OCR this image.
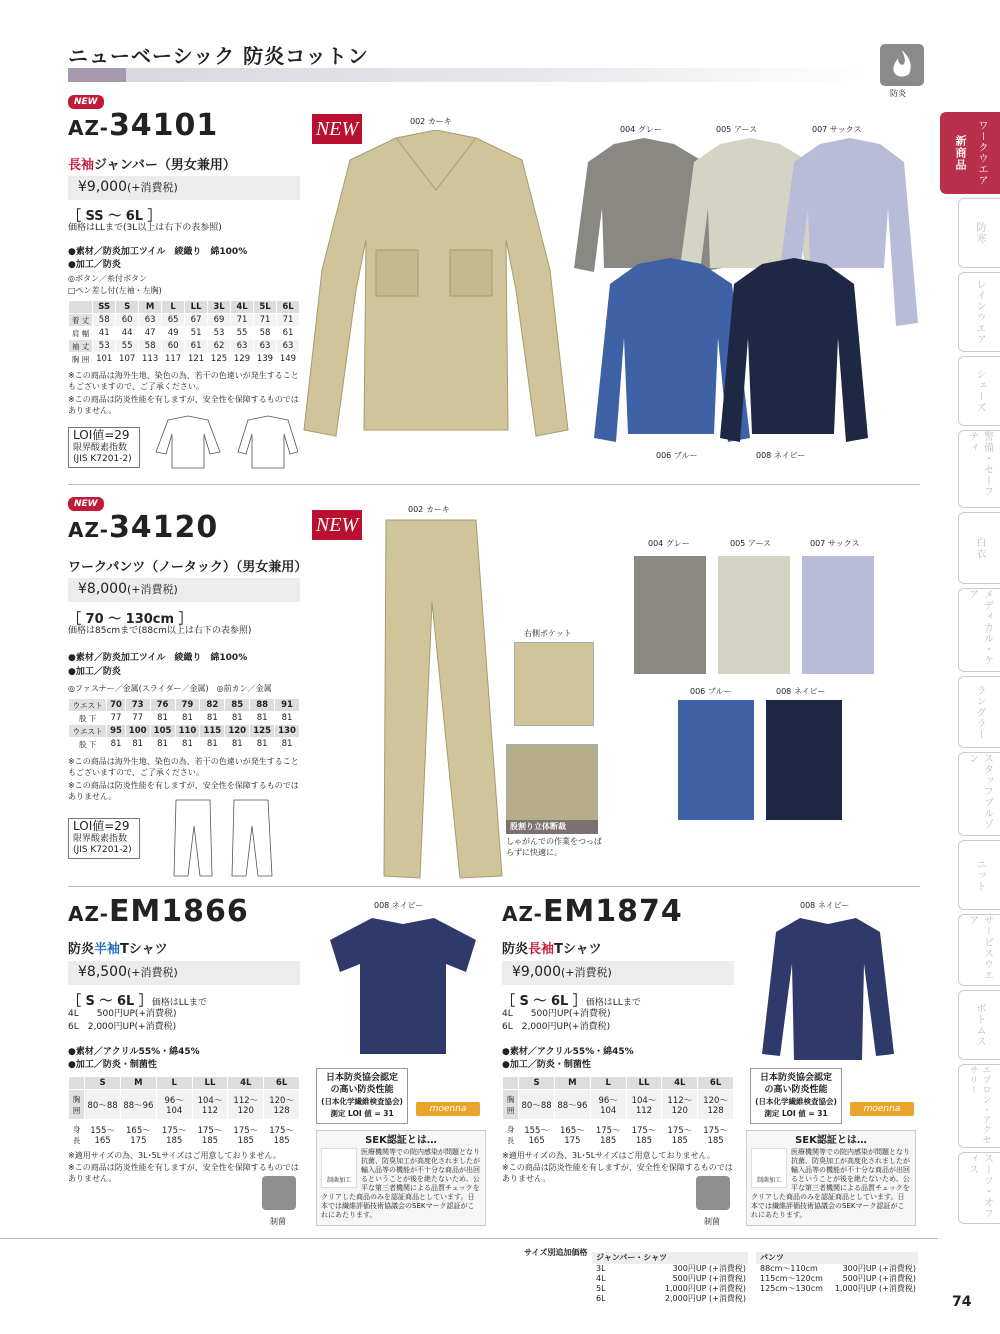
ニューベーシック 防炎コットン
防炎
新商品 ワークウエア
防寒
レインウエア
シューズ
警備・セーフティ
白衣
メディカル・ケア
ラングラー
スタッフブルゾン
ニット
サービスウエア
ボトムス
エプロン・アクセサリー
スーツ・オフィス
NEW
AZ-34101
長袖ジャンバー（男女兼用）
¥9,000(+消費税)
［ SS ～ 6L ］
価格はLLまで(3L以上は右下の表参照)
●素材／防炎加工ツイル　綾織り　綿100%
●加工／防炎
◎ボタン／糸付ボタン
□ペン差し付(左袖・左胸)
	SS	S	M	L	LL	3L	4L	5L	6L
着 丈	58	60	63	65	67	69	71	71	71
肩 幅	41	44	47	49	51	53	55	58	61
袖 丈	53	55	58	60	61	62	63	63	63
胸 囲	101	107	113	117	121	125	129	139	149
※この商品は海外生地、染色の為、若干の色違いが発生することもございますので、ご了承ください。
※この商品は防炎性能を有しますが、安全性を保障するものではありません。
LOI値=29
限界酸素指数
(JIS K7201-2)
NEW	002 カーキ
004 グレー	005 アース	007 サックス
006 ブルー	008 ネイビー
NEW
AZ-34120
ワークパンツ（ノータック）（男女兼用）
¥8,000(+消費税)
［ 70 ～ 130cm ］
価格は85cmまで(88cm以上は右下の表参照)
●素材／防炎加工ツイル　綾織り　綿100%
●加工／防炎
◎ファスナー／金属(スライダー／金属)　◎前カン／金属
ウエスト	70	73	76	79	82	85	88	91
股 下	77	77	81	81	81	81	81	81
ウエスト	95	100	105	110	115	120	125	130
股 下	81	81	81	81	81	81	81	81
※この商品は海外生地、染色の為、若干の色違いが発生することもございますので、ご了承ください。
※この商品は防炎性能を有しますが、安全性を保障するものではありません。
LOI値=29
限界酸素指数
(JIS K7201-2)
NEW
002 カーキ
右側ポケット
股割り立体断裁
しゃがんでの作業をつっぱらずに快適に。
004 グレー	005 アース	007 サックス
006 ブルー	008 ネイビー
AZ-EM1866
防炎半袖Tシャツ
¥8,500(+消費税)
［ S ～ 6L ］価格はLLまで
4L　　500円UP(+消費税)
6L　2,000円UP(+消費税)
●素材／アクリル55%・綿45%
●加工／防炎・制菌性
	S	M	L	LL	4L	6L
胸 囲	80〜88	88〜96	96〜104	104〜112	112〜120	120〜128
身 長	155〜165	165〜175	175〜185	175〜185	175〜185	175〜185
※適用サイズの為、3L･5Lサイズはご用意しておりません。
※この商品は防炎性能を有しますが、安全性を保障するものではありません。
制菌
008 ネイビー
日本防炎協会認定
の高い防炎性能
(日本化学繊維検査協会)
測定 LOI 値 = 31	moenna
SEK認証とは…
制菌加工
医療機関等での院内感染が問題となり抗菌、防臭加工が高度化されましたが輸入品等の機能が不十分な商品が出回るということが後を絶たないため、公平な第三者機関による品質チェックをクリアした商品のみを認証商品としています。日本では繊維評価技術協議会のSEKマーク認証がこれにあたります。
AZ-EM1874
防炎長袖Tシャツ
¥9,000(+消費税)
［ S ～ 6L ］価格はLLまで
4L　　500円UP(+消費税)
6L　2,000円UP(+消費税)
●素材／アクリル55%・綿45%
●加工／防炎・制菌性
	S	M	L	LL	4L	6L
胸 囲	80〜88	88〜96	96〜104	104〜112	112〜120	120〜128
身 長	155〜165	165〜175	175〜185	175〜185	175〜185	175〜185
※適用サイズの為、3L･5Lサイズはご用意しておりません。
※この商品は防炎性能を有しますが、安全性を保障するものではありません。
制菌
008 ネイビー
日本防炎協会認定
の高い防炎性能
(日本化学繊維検査協会)
測定 LOI 値 = 31	moenna
SEK認証とは…
制菌加工
医療機関等での院内感染が問題となり抗菌、防臭加工が高度化されましたが輸入品等の機能が不十分な商品が出回るということが後を絶たないため、公平な第三者機関による品質チェックをクリアした商品のみを認証商品としています。日本では繊維評価技術協議会のSEKマーク認証がこれにあたります。
サイズ別追加価格
ジャンパー・シャツ
3L	300円UP (+消費税)
4L	500円UP (+消費税)
5L	1,000円UP (+消費税)
6L	2,000円UP (+消費税)
パンツ
88cm～110cm	300円UP (+消費税)
115cm～120cm 500円UP (+消費税)
125cm～130cm 1,000円UP (+消費税)
74
